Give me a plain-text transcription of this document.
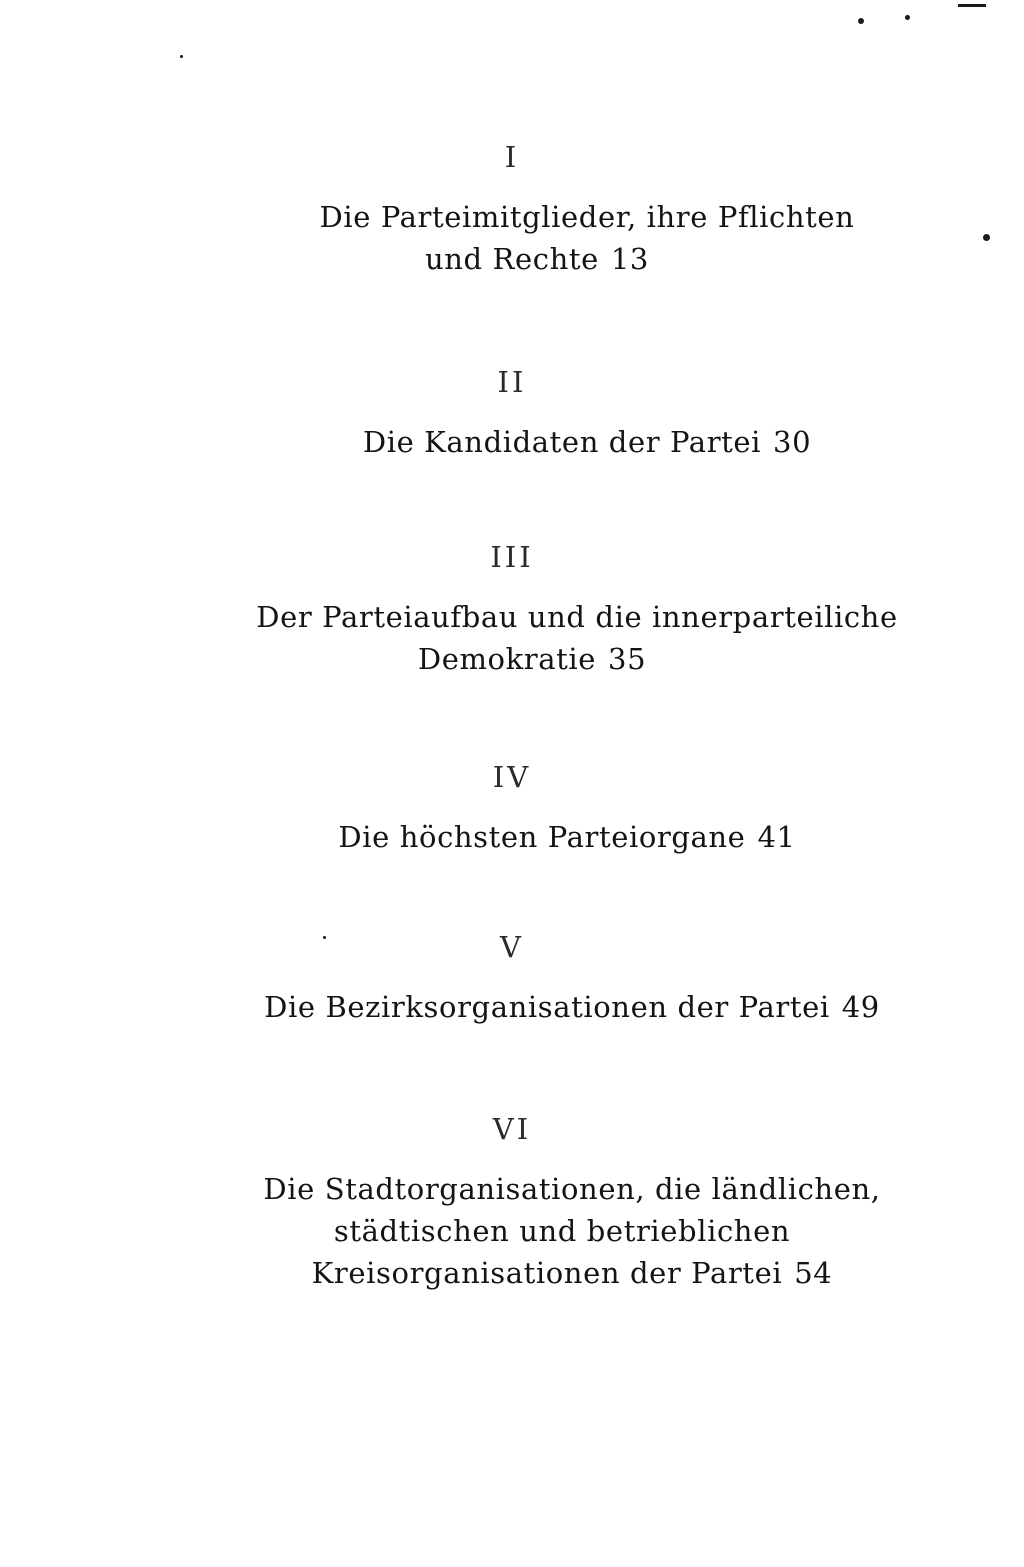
I
Die Parteimitglieder, ihre Pflichten
und Rechte 13
II
Die Kandidaten der Partei 30
III
Der Parteiaufbau und die innerparteiliche
Demokratie 35
IV
Die höchsten Parteiorgane 41
V
Die Bezirksorganisationen der Partei 49
VI
Die Stadtorganisationen, die ländlichen,
städtischen und betrieblichen
Kreisorganisationen der Partei 54
